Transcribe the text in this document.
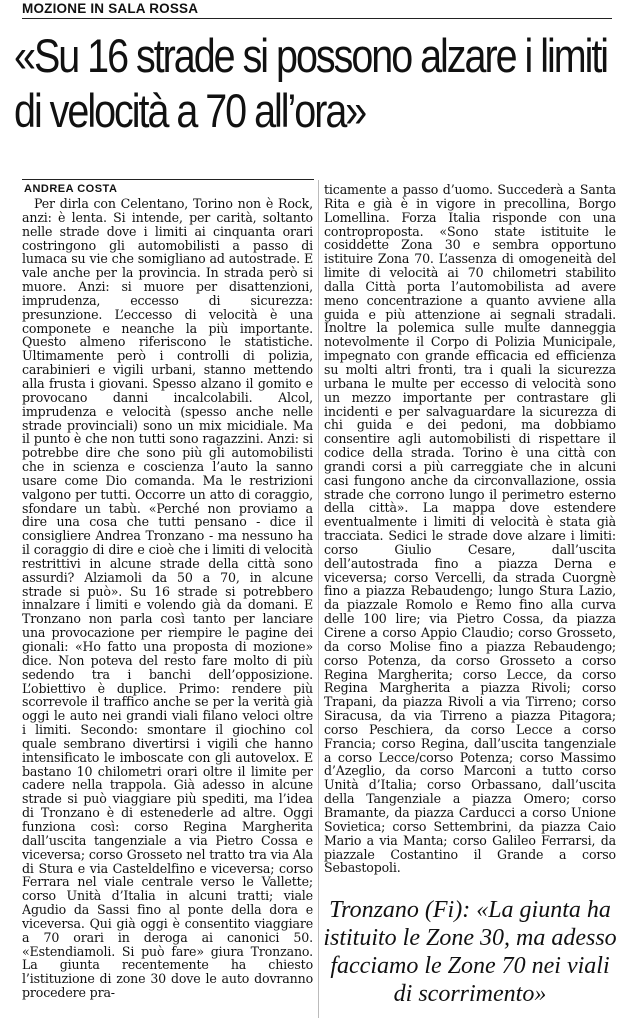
MOZIONE IN SALA ROSSA
«Su 16 strade si possono alzare i limiti di velocità a 70 all’ora»
ANDREA COSTA

Per dirla con Celentano, Torino non è Rock, anzi: è lenta. Si intende, per carità, soltanto nelle strade dove i limiti ai cinquanta orari costringono gli automobilisti a passo di lumaca su vie che somigliano ad autostrade. E vale anche per la provincia. In strada però si muore. Anzi: si muore per disattenzioni, imprudenza, eccesso di sicurezza: presunzione. L’eccesso di velocità è una componete e neanche la più importante. Questo almeno riferiscono le statistiche. Ultimamente però i controlli di polizia, carabinieri e vigili urbani, stanno mettendo alla frusta i giovani. Spesso alzano il gomito e provocano danni incalcolabili. Alcol, imprudenza e velocità (spesso anche nelle strade provinciali) sono un mix micidiale. Ma il punto è che non tutti sono ragazzini. Anzi: si potrebbe dire che sono più gli automobilisti che in scienza e coscienza l’auto la sanno usare come Dio comanda. Ma le restrizioni valgono per tutti. Occorre un atto di coraggio, sfondare un tabù. «Perché non proviamo a dire una cosa che tutti pensano - dice il consigliere Andrea Tronzano - ma nessuno ha il coraggio di dire e cioè che i limiti di velocità restrittivi in alcune strade della città sono assurdi? Alziamoli da 50 a 70, in alcune strade si può». Su 16 strade si potrebbero innalzare i limiti e volendo già da domani. E Tronzano non parla così tanto per lanciare una provocazione per riempire le pagine dei gionali: «Ho fatto una proposta di mozione» dice. Non poteva del resto fare molto di più sedendo tra i banchi dell’opposizione. L’obiettivo è duplice. Primo: rendere più scorrevole il traffico anche se per la verità già oggi le auto nei grandi viali filano veloci oltre i limiti. Secondo: smontare il giochino col quale sembrano divertirsi i vigili che hanno intensificato le imboscate con gli autovelox. E bastano 10 chilometri orari oltre il limite per cadere nella trappola. Già adesso in alcune strade si può viaggiare più spediti, ma l’idea di Tronzano è di estenederle ad altre. Oggi funziona così: corso Regina Margherita dall’uscita tangenziale a via Pietro Cossa e viceversa; corso Grosseto nel tratto tra via Ala di Stura e via Casteldelfino e viceversa; corso Ferrara nel viale centrale verso le Vallette; corso Unità d’Italia in alcuni tratti; viale Agudio da Sassi fino al ponte della dora e viceversa. Qui già oggi è consentito viaggiare a 70 orari in deroga ai canonici 50. «Estendiamoli. Si può fare» giura Tronzano. La giunta recentemente ha chiesto l’istituzione di zone 30 dove le auto dovranno procedere pra-

ticamente a passo d’uomo. Succederà a Santa Rita e già è in vigore in precollina, Borgo Lomellina. Forza Italia risponde con una controproposta. «Sono state istituite le cosiddette Zona 30 e sembra opportuno istituire Zona 70. L’assenza di omogeneità del limite di velocità ai 70 chilometri stabilito dalla Città porta l’automobilista ad avere meno concentrazione a quanto avviene alla guida e più attenzione ai segnali stradali. Inoltre la polemica sulle multe danneggia notevolmente il Corpo di Polizia Municipale, impegnato con grande efficacia ed efficienza su molti altri fronti, tra i quali la sicurezza urbana le multe per eccesso di velocità sono un mezzo importante per contrastare gli incidenti e per salvaguardare la sicurezza di chi guida e dei pedoni, ma dobbiamo consentire agli automobilisti di rispettare il codice della strada. Torino è una città con grandi corsi a più carreggiate che in alcuni casi fungono anche da circonvallazione, ossia strade che corrono lungo il perimetro esterno della città». La mappa dove estendere eventualmente i limiti di velocità è stata già tracciata. Sedici le strade dove alzare i limiti: corso Giulio Cesare, dall’uscita dell’autostrada fino a piazza Derna e viceversa; corso Vercelli, da strada Cuorgnè fino a piazza Rebaudengo; lungo Stura Lazio, da piazzale Romolo e Remo fino alla curva delle 100 lire; via Pietro Cossa, da piazza Cirene a corso Appio Claudio; corso Grosseto, da corso Molise fino a piazza Rebaudengo; corso Potenza, da corso Grosseto a corso Regina Margherita; corso Lecce, da corso Regina Margherita a piazza Rivoli; corso Trapani, da piazza Rivoli a via Tirreno; corso Siracusa, da via Tirreno a piazza Pitagora; corso Peschiera, da corso Lecce a corso Francia; corso Regina, dall’uscita tangenziale a corso Lecce/corso Potenza; corso Massimo d’Azeglio, da corso Marconi a tutto corso Unità d’Italia; corso Orbassano, dall’uscita della Tangenziale a piazza Omero; corso Bramante, da piazza Carducci a corso Unione Sovietica; corso Settembrini, da piazza Caio Mario a via Manta; corso Galileo Ferrarsi, da piazzale Costantino il Grande a corso Sebastopoli.

Tronzano (Fi): «La giunta ha istituito le Zone 30, ma adesso facciamo le Zone 70 nei viali di scorrimento»
